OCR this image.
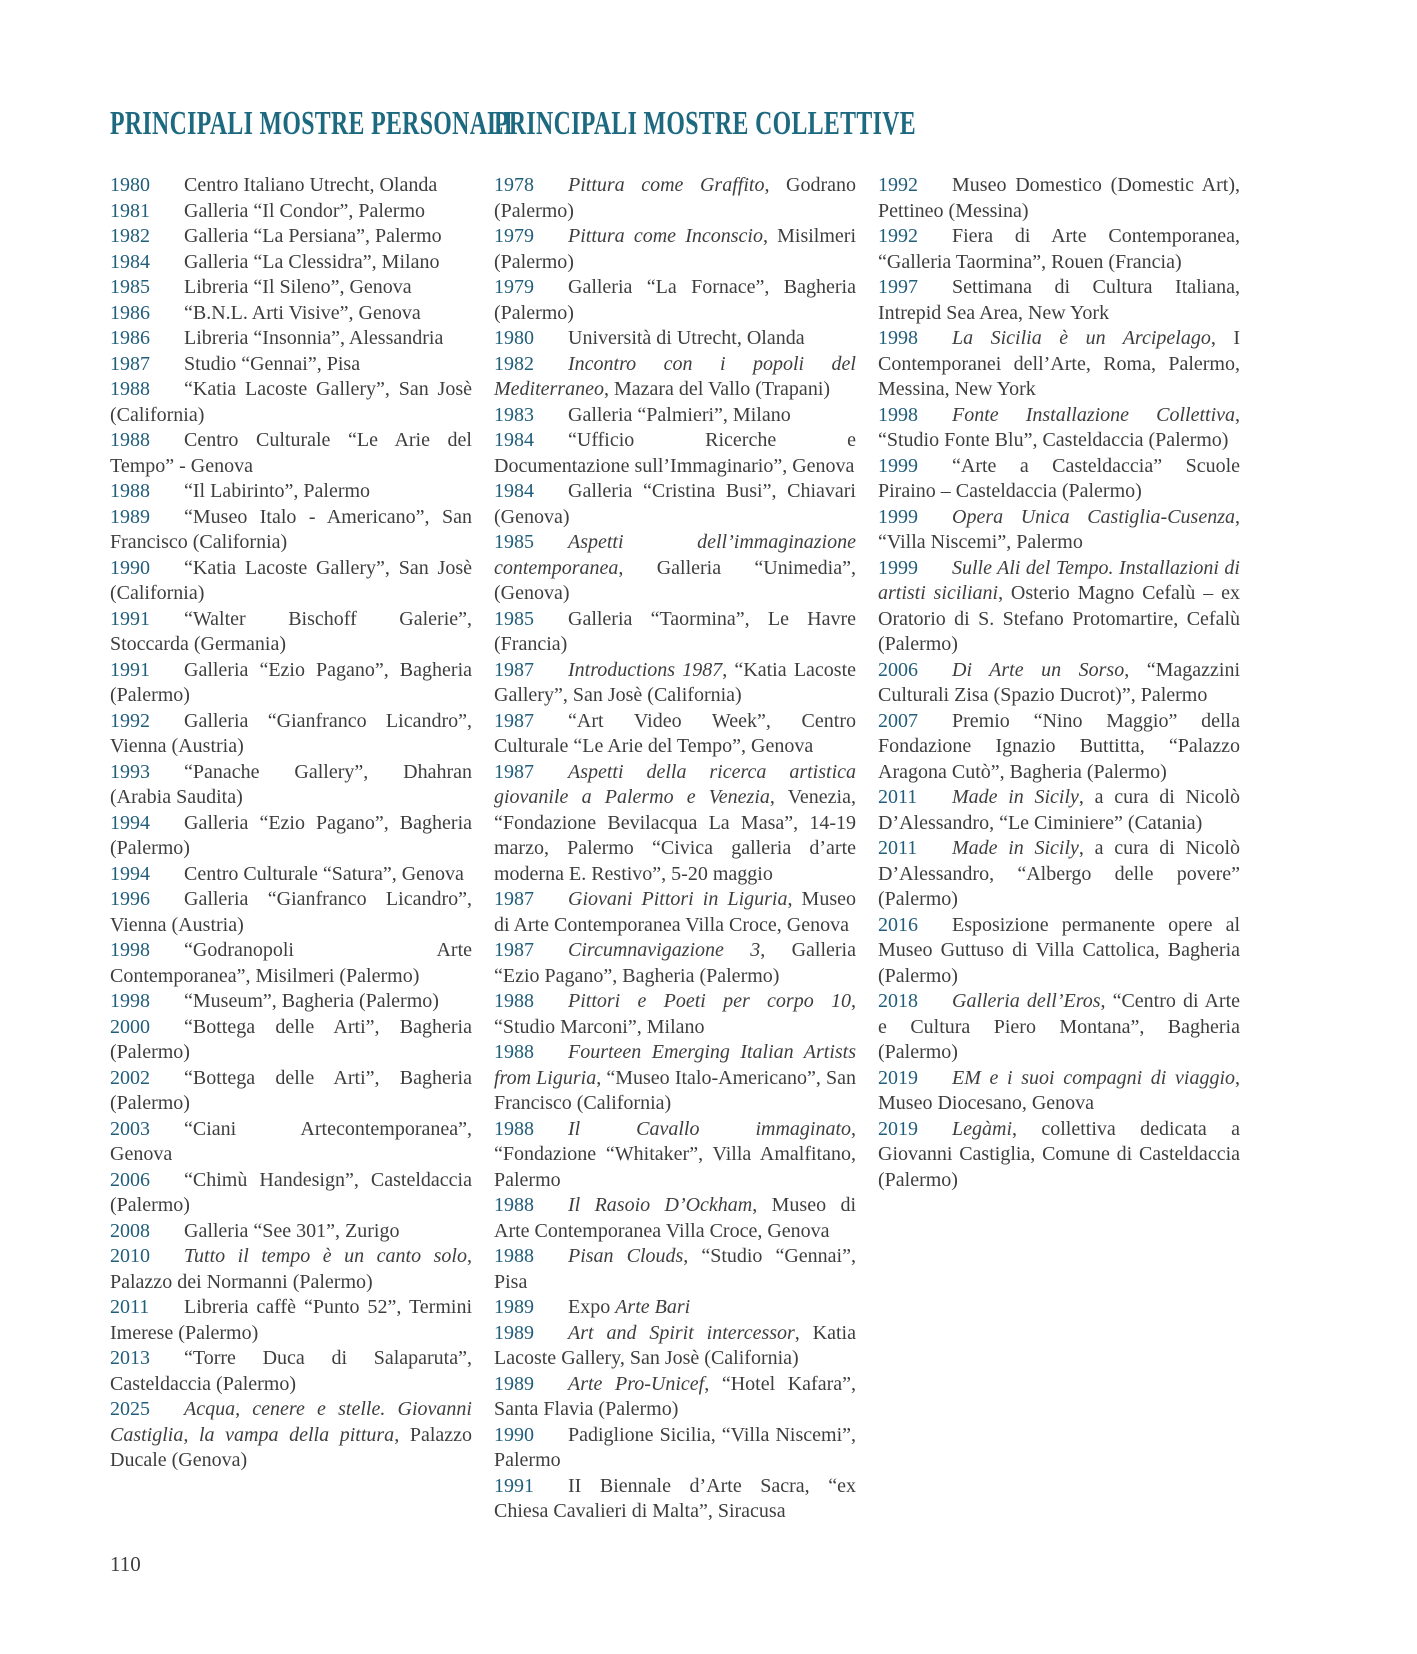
PRINCIPALI MOSTRE PERSONALI

1980 Centro Italiano Utrecht, Olanda

1981 Galleria “Il Condor”, Palermo

1982 Galleria “La Persiana”, Palermo

1984 Galleria “La Clessidra”, Milano

1985 Libreria “Il Sileno”, Genova

1986 “B.N.L. Arti Visive”, Genova

1986 Libreria “Insonnia”, Alessandria

1987 Studio “Gennai”, Pisa

1988 “Katia Lacoste Gallery”, San Josè (California)

1988 Centro Culturale “Le Arie del Tempo” - Genova

1988 “Il Labirinto”, Palermo

1989 “Museo Italo - Americano”, San Francisco (California)

1990 “Katia Lacoste Gallery”, San Josè (California)

1991 “Walter Bischoff Galerie”, Stoccarda (Germania)

1991 Galleria “Ezio Pagano”, Bagheria (Palermo)

1992 Galleria “Gianfranco Licandro”, Vienna (Austria)

1993 “Panache Gallery”, Dhahran (Arabia Saudita)

1994 Galleria “Ezio Pagano”, Bagheria (Palermo)

1994 Centro Culturale “Satura”, Genova

1996 Galleria “Gianfranco Licandro”, Vienna (Austria)

1998 “Godranopoli Arte Contemporanea”, Misilmeri (Palermo)

1998 “Museum”, Bagheria (Palermo)

2000 “Bottega delle Arti”, Bagheria (Palermo)

2002 “Bottega delle Arti”, Bagheria (Palermo)

2003 “Ciani Artecontemporanea”, Genova

2006 “Chimù Handesign”, Casteldaccia (Palermo)

2008 Galleria “See 301”, Zurigo

2010 Tutto il tempo è un canto solo, Palazzo dei Normanni (Palermo)

2011 Libreria caffè “Punto 52”, Termini Imerese (Palermo)

2013 “Torre Duca di Salaparuta”, Casteldaccia (Palermo)

2025 Acqua, cenere e stelle. Giovanni Castiglia, la vampa della pittura, Palazzo Ducale (Genova)

PRINCIPALI MOSTRE COLLETTIVE

1978 Pittura come Graffito, Godrano (Palermo)

1979 Pittura come Inconscio, Misilmeri (Palermo)

1979 Galleria “La Fornace”, Bagheria (Palermo)

1980 Università di Utrecht, Olanda

1982 Incontro con i popoli del Mediterraneo, Mazara del Vallo (Trapani)

1983 Galleria “Palmieri”, Milano

1984 “Ufficio Ricerche e Documentazione sull’Immaginario”, Genova

1984 Galleria “Cristina Busi”, Chiavari (Genova)

1985 Aspetti dell’immaginazione contemporanea, Galleria “Unimedia”, (Genova)

1985 Galleria “Taormina”, Le Havre (Francia)

1987 Introductions 1987, “Katia Lacoste Gallery”, San Josè (California)

1987 “Art Video Week”, Centro Culturale “Le Arie del Tempo”, Genova

1987 Aspetti della ricerca artistica giovanile a Palermo e Venezia, Venezia, “Fondazione Bevilacqua La Masa”, 14-19 marzo, Palermo “Civica galleria d’arte moderna E. Restivo”, 5-20 maggio

1987 Giovani Pittori in Liguria, Museo di Arte Contemporanea Villa Croce, Genova

1987 Circumnavigazione 3, Galleria “Ezio Pagano”, Bagheria (Palermo)

1988 Pittori e Poeti per corpo 10, “Studio Marconi”, Milano

1988 Fourteen Emerging Italian Artists from Liguria, “Museo Italo-Americano”, San Francisco (California)

1988 Il Cavallo immaginato, “Fondazione “Whitaker”, Villa Amalfitano, Palermo

1988 Il Rasoio D’Ockham, Museo di Arte Contemporanea Villa Croce, Genova

1988 Pisan Clouds, “Studio “Gennai”, Pisa

1989 Expo Arte Bari

1989 Art and Spirit intercessor, Katia Lacoste Gallery, San Josè (California)

1989 Arte Pro-Unicef, “Hotel Kafara”, Santa Flavia (Palermo)

1990 Padiglione Sicilia, “Villa Niscemi”, Palermo

1991 II Biennale d’Arte Sacra, “ex Chiesa Cavalieri di Malta”, Siracusa

1992 Museo Domestico (Domestic Art), Pettineo (Messina)

1992 Fiera di Arte Contemporanea, “Galleria Taormina”, Rouen (Francia)

1997 Settimana di Cultura Italiana, Intrepid Sea Area, New York

1998 La Sicilia è un Arcipelago, I Contemporanei dell’Arte, Roma, Palermo, Messina, New York

1998 Fonte Installazione Collettiva, “Studio Fonte Blu”, Casteldaccia (Palermo)

1999 “Arte a Casteldaccia” Scuole Piraino – Casteldaccia (Palermo)

1999 Opera Unica Castiglia-Cusenza, “Villa Niscemi”, Palermo

1999 Sulle Ali del Tempo. Installazioni di artisti siciliani, Osterio Magno Cefalù – ex Oratorio di S. Stefano Protomartire, Cefalù (Palermo)

2006 Di Arte un Sorso, “Magazzini Culturali Zisa (Spazio Ducrot)”, Palermo

2007 Premio “Nino Maggio” della Fondazione Ignazio Buttitta, “Palazzo Aragona Cutò”, Bagheria (Palermo)

2011 Made in Sicily, a cura di Nicolò D’Alessandro, “Le Ciminiere” (Catania)

2011 Made in Sicily, a cura di Nicolò D’Alessandro, “Albergo delle povere” (Palermo)

2016 Esposizione permanente opere al Museo Guttuso di Villa Cattolica, Bagheria (Palermo)

2018 Galleria dell’Eros, “Centro di Arte e Cultura Piero Montana”, Bagheria (Palermo)

2019 EM e i suoi compagni di viaggio, Museo Diocesano, Genova

2019 Legàmi, collettiva dedicata a Giovanni Castiglia, Comune di Casteldaccia (Palermo)

110
